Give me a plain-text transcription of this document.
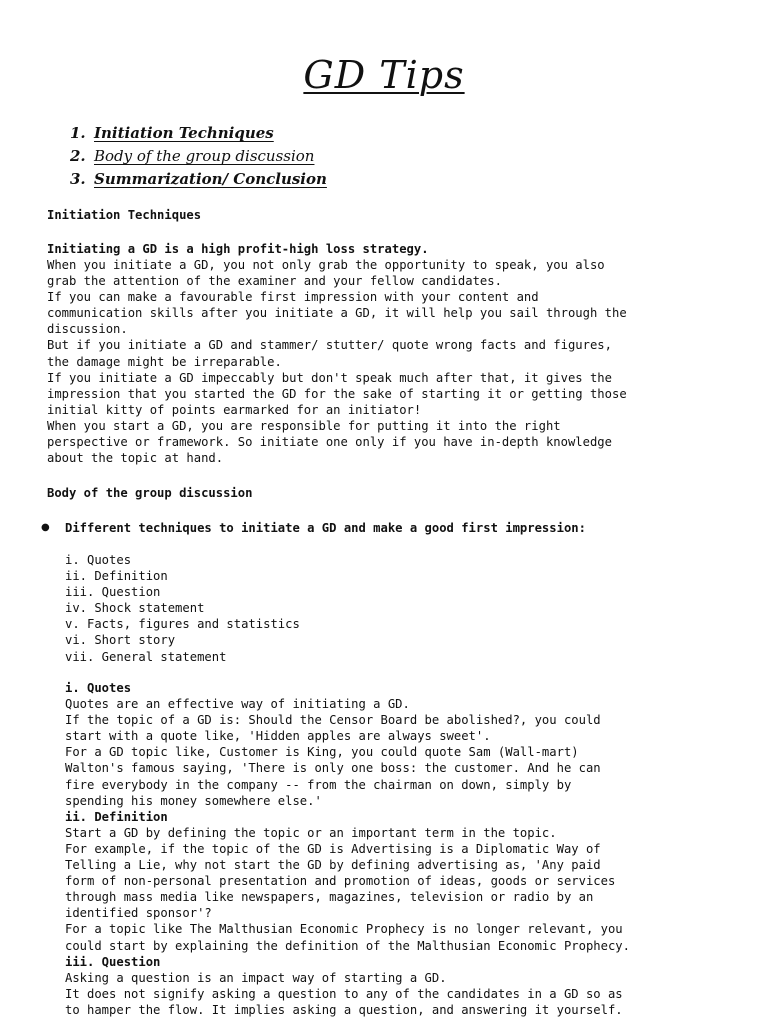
GD Tips
1. Initiation Techniques
2. Body of the group discussion
3. Summarization/ Conclusion
Initiation Techniques
Initiating a GD is a high profit-high loss strategy.
When you initiate a GD, you not only grab the opportunity to speak, you also
grab the attention of the examiner and your fellow candidates.
If you can make a favourable first impression with your content and
communication skills after you initiate a GD, it will help you sail through the
discussion.
But if you initiate a GD and stammer/ stutter/ quote wrong facts and figures,
the damage might be irreparable.
If you initiate a GD impeccably but don't speak much after that, it gives the
impression that you started the GD for the sake of starting it or getting those
initial kitty of points earmarked for an initiator!
When you start a GD, you are responsible for putting it into the right
perspective or framework. So initiate one only if you have in-depth knowledge
about the topic at hand.
Body of the group discussion
● Different techniques to initiate a GD and make a good first impression:
i. Quotes
ii. Definition
iii. Question
iv. Shock statement
v. Facts, figures and statistics
vi. Short story
vii. General statement
i. Quotes
Quotes are an effective way of initiating a GD.
If the topic of a GD is: Should the Censor Board be abolished?, you could
start with a quote like, 'Hidden apples are always sweet'.
For a GD topic like, Customer is King, you could quote Sam (Wall-mart)
Walton's famous saying, 'There is only one boss: the customer. And he can
fire everybody in the company -- from the chairman on down, simply by
spending his money somewhere else.'
ii. Definition
Start a GD by defining the topic or an important term in the topic.
For example, if the topic of the GD is Advertising is a Diplomatic Way of
Telling a Lie, why not start the GD by defining advertising as, 'Any paid
form of non-personal presentation and promotion of ideas, goods or services
through mass media like newspapers, magazines, television or radio by an
identified sponsor'?
For a topic like The Malthusian Economic Prophecy is no longer relevant, you
could start by explaining the definition of the Malthusian Economic Prophecy.
iii. Question
Asking a question is an impact way of starting a GD.
It does not signify asking a question to any of the candidates in a GD so as
to hamper the flow. It implies asking a question, and answering it yourself.
